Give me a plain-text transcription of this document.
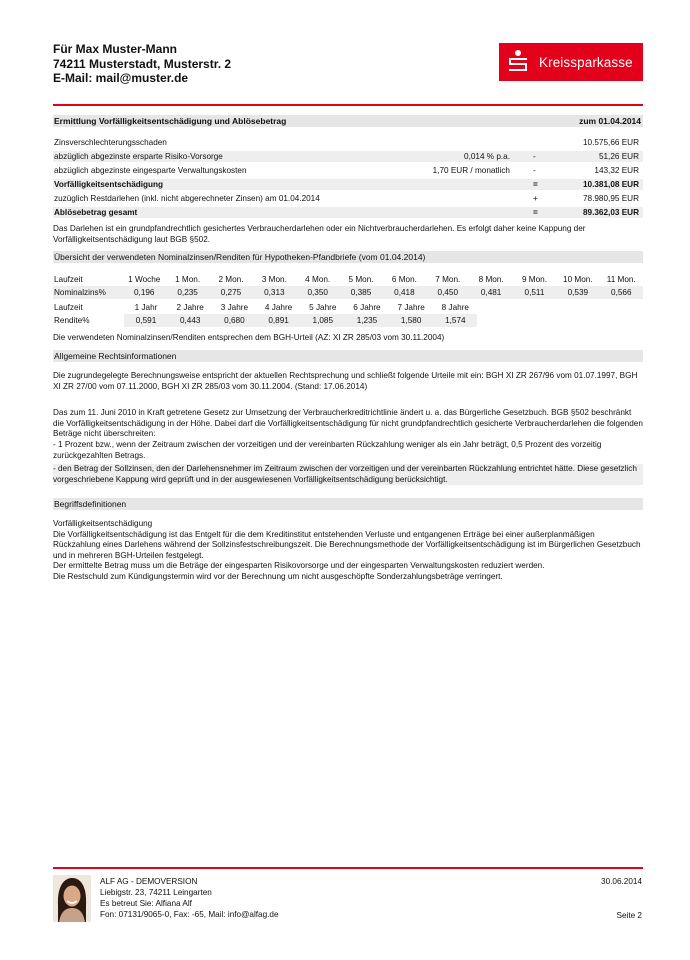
Für Max Muster-Mann
74211 Musterstadt, Musterstr. 2
E-Mail: mail@muster.de
Kreissparkasse
Ermittlung Vorfälligkeitsentschädigung und Ablösebetrag	zum 01.04.2014
Zinsverschlechterungsschaden	10.575,66 EUR
abzüglich abgezinste ersparte Risiko-Vorsorge	0,014 % p.a.	-	51,26 EUR
abzüglich abgezinste eingesparte Verwaltungskosten	1,70 EUR / monatlich	-	143,32 EUR
Vorfälligkeitsentschädigung	=	10.381,08 EUR
zuzüglich Restdarlehen (inkl. nicht abgerechneter Zinsen) am 01.04.2014	+	78.980,95 EUR
Ablösebetrag gesamt	=	89.362,03 EUR
Das Darlehen ist ein grundpfandrechtlich gesichertes Verbraucherdarlehen oder ein Nichtverbraucherdarlehen. Es erfolgt daher keine Kappung der Vorfälligkeitsentschädigung laut BGB §502.
Übersicht der verwendeten Nominalzinsen/Renditen für Hypotheken-Pfandbriefe (vom 01.04.2014)
Laufzeit	1 Woche	1 Mon.	2 Mon.	3 Mon.	4 Mon.	5 Mon.	6 Mon.	7 Mon.	8 Mon.	9 Mon.	10 Mon.	11 Mon.
Nominalzins%	0,196	0,235	0,275	0,313	0,350	0,385	0,418	0,450	0,481	0,511	0,539	0,566
Laufzeit	1 Jahr	2 Jahre	3 Jahre	4 Jahre	5 Jahre	6 Jahre	7 Jahre	8 Jahre	
Rendite%	0,591	0,443	0,680	0,891	1,085	1,235	1,580	1,574	
Die verwendeten Nominalzinsen/Renditen entsprechen dem BGH-Urteil (AZ: XI ZR 285/03 vom 30.11.2004)
Allgemeine Rechtsinformationen
Die zugrundegelegte Berechnungsweise entspricht der aktuellen Rechtsprechung und schließt folgende Urteile mit ein: BGH XI ZR 267/96 vom 01.07.1997, BGH XI ZR 27/00 vom 07.11.2000, BGH XI ZR 285/03 vom 30.11.2004. (Stand: 17.06.2014)
Das zum 11. Juni 2010 in Kraft getretene Gesetz zur Umsetzung der Verbraucherkreditrichtlinie ändert u. a. das Bürgerliche Gesetzbuch. BGB §502 beschränkt die Vorfälligkeitsentschädigung in der Höhe. Dabei darf die Vorfälligkeitsentschädigung für nicht grundpfandrechtlich gesicherte Verbraucherdarlehen die folgenden Beträge nicht überschreiten:
- 1 Prozent bzw., wenn der Zeitraum zwischen der vorzeitigen und der vereinbarten Rückzahlung weniger als ein Jahr beträgt, 0,5 Prozent des vorzeitig zurückgezahlten Betrags.
- den Betrag der Sollzinsen, den der Darlehensnehmer im Zeitraum zwischen der vorzeitigen und der vereinbarten Rückzahlung entrichtet hätte. Diese gesetzlich vorgeschriebene Kappung wird geprüft und in der ausgewiesenen Vorfälligkeitsentschädigung berücksichtigt.
Begriffsdefinitionen
Vorfälligkeitsentschädigung
Die Vorfälligkeitsentschädigung ist das Entgelt für die dem Kreditinstitut entstehenden Verluste und entgangenen Erträge bei einer außerplanmäßigen Rückzahlung eines Darlehens während der Sollzinsfestschreibungszeit. Die Berechnungsmethode der Vorfälligkeitsentschädigung ist im Bürgerlichen Gesetzbuch und in mehreren BGH-Urteilen festgelegt.
Der ermittelte Betrag muss um die Beträge der eingesparten Risikovorsorge und der eingesparten Verwaltungskosten reduziert werden.
Die Restschuld zum Kündigungstermin wird vor der Berechnung um nicht ausgeschöpfte Sonderzahlungsbeträge verringert.
ALF AG - DEMOVERSION
Liebigstr. 23, 74211 Leingarten
Es betreut Sie: Alfiana Alf
Fon: 07131/9065-0, Fax: -65, Mail: info@alfag.de
30.06.2014
Seite 2
